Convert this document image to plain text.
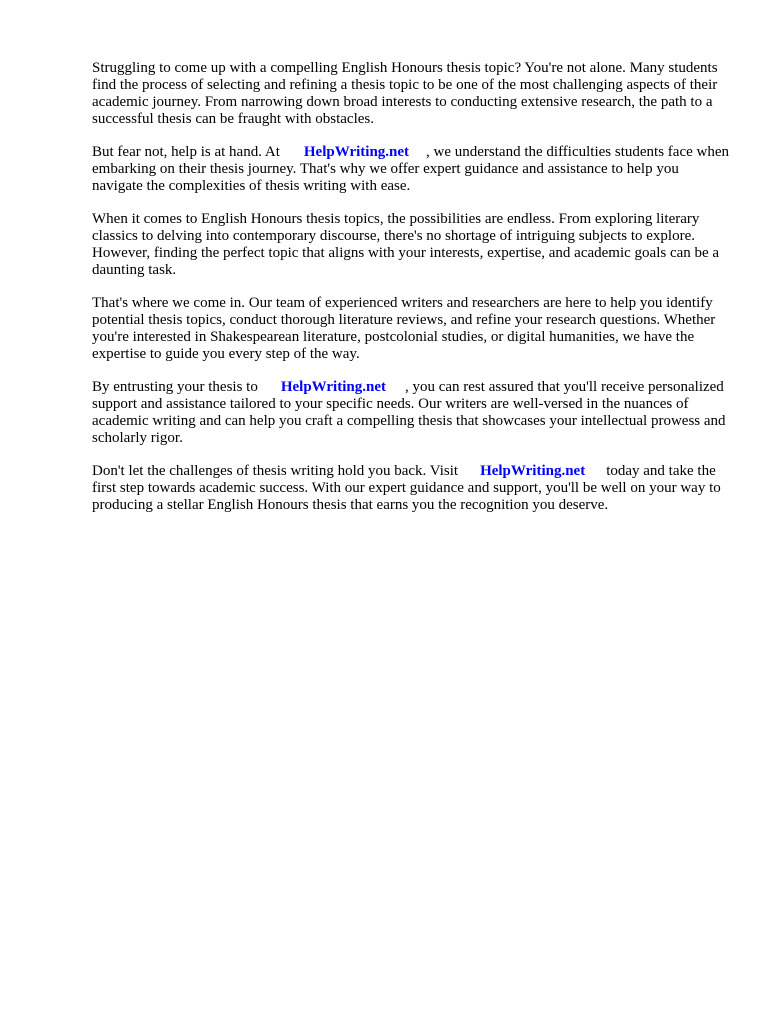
Struggling to come up with a compelling English Honours thesis topic? You're not alone. Many students find the process of selecting and refining a thesis topic to be one of the most challenging aspects of their academic journey. From narrowing down broad interests to conducting extensive research, the path to a successful thesis can be fraught with obstacles.

But fear not, help is at hand. At HelpWriting.net , we understand the difficulties students face when embarking on their thesis journey. That's why we offer expert guidance and assistance to help you navigate the complexities of thesis writing with ease.

When it comes to English Honours thesis topics, the possibilities are endless. From exploring literary classics to delving into contemporary discourse, there's no shortage of intriguing subjects to explore. However, finding the perfect topic that aligns with your interests, expertise, and academic goals can be a daunting task.

That's where we come in. Our team of experienced writers and researchers are here to help you identify potential thesis topics, conduct thorough literature reviews, and refine your research questions. Whether you're interested in Shakespearean literature, postcolonial studies, or digital humanities, we have the expertise to guide you every step of the way.

By entrusting your thesis to HelpWriting.net , you can rest assured that you'll receive personalized support and assistance tailored to your specific needs. Our writers are well-versed in the nuances of academic writing and can help you craft a compelling thesis that showcases your intellectual prowess and scholarly rigor.

Don't let the challenges of thesis writing hold you back. Visit HelpWriting.net today and take the first step towards academic success. With our expert guidance and support, you'll be well on your way to producing a stellar English Honours thesis that earns you the recognition you deserve.
